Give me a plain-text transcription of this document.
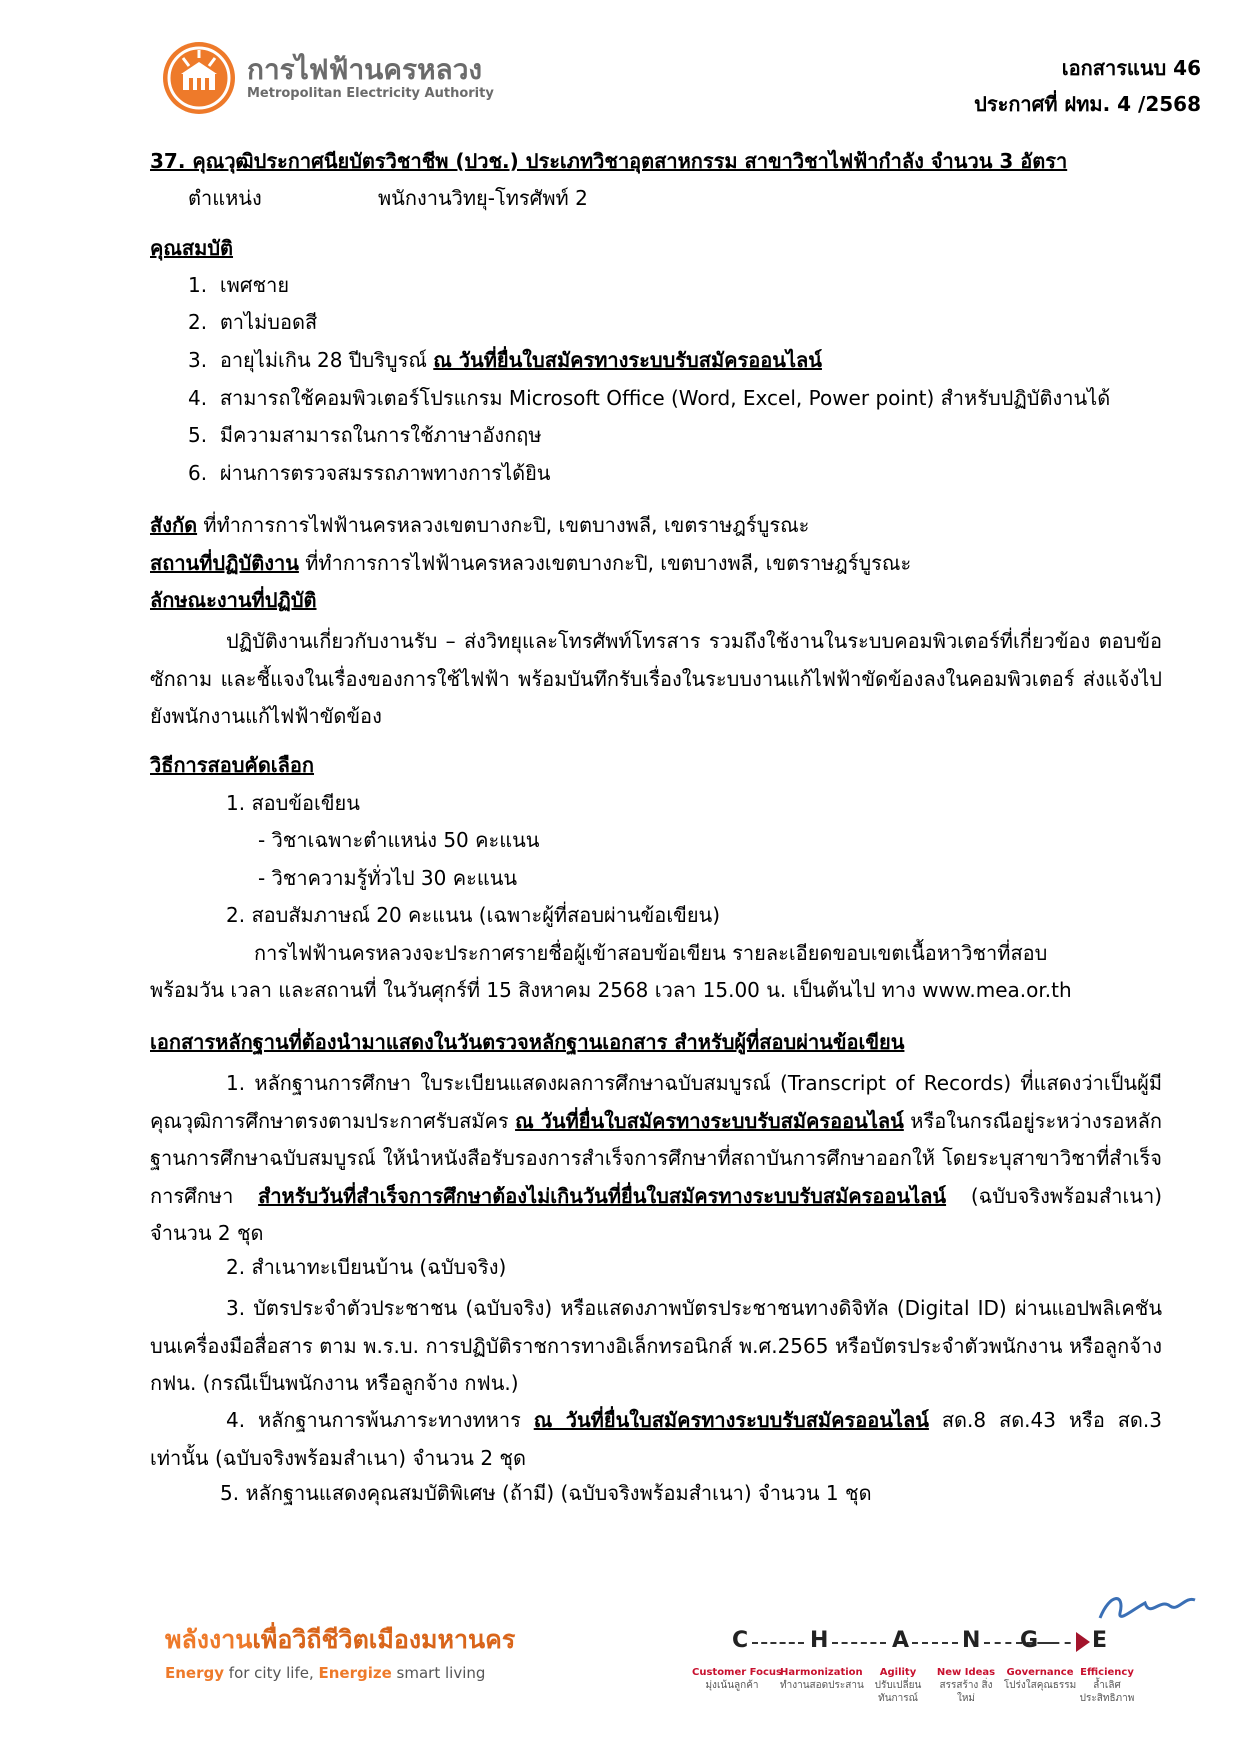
การไฟฟ้านครหลวง
Metropolitan Electricity Authority
เอกสารแนบ 46
ประกาศที่ ฝทม. 4 /2568
37. คุณวุฒิประกาศนียบัตรวิชาชีพ (ปวช.) ประเภทวิชาอุตสาหกรรม สาขาวิชาไฟฟ้ากำลัง จำนวน 3 อัตรา
ตำแหน่ง	พนักงานวิทยุ-โทรศัพท์ 2
คุณสมบัติ
1. เพศชาย
2. ตาไม่บอดสี
3. อายุไม่เกิน 28 ปีบริบูรณ์ ณ วันที่ยื่นใบสมัครทางระบบรับสมัครออนไลน์
4. สามารถใช้คอมพิวเตอร์โปรแกรม Microsoft Office (Word, Excel, Power point) สำหรับปฏิบัติงานได้
5. มีความสามารถในการใช้ภาษาอังกฤษ
6. ผ่านการตรวจสมรรถภาพทางการได้ยิน
สังกัด ที่ทำการการไฟฟ้านครหลวงเขตบางกะปิ, เขตบางพลี, เขตราษฎร์บูรณะ
สถานที่ปฏิบัติงาน ที่ทำการการไฟฟ้านครหลวงเขตบางกะปิ, เขตบางพลี, เขตราษฎร์บูรณะ
ลักษณะงานที่ปฏิบัติ
ปฏิบัติงานเกี่ยวกับงานรับ – ส่งวิทยุและโทรศัพท์โทรสาร รวมถึงใช้งานในระบบคอมพิวเตอร์ที่เกี่ยวข้อง ตอบข้อซักถาม และชี้แจงในเรื่องของการใช้ไฟฟ้า พร้อมบันทึกรับเรื่องในระบบงานแก้ไฟฟ้าขัดข้องลงในคอมพิวเตอร์ ส่งแจ้งไปยังพนักงานแก้ไฟฟ้าขัดข้อง
วิธีการสอบคัดเลือก
1. สอบข้อเขียน
- วิชาเฉพาะตำแหน่ง 50 คะแนน
- วิชาความรู้ทั่วไป 30 คะแนน
2. สอบสัมภาษณ์ 20 คะแนน (เฉพาะผู้ที่สอบผ่านข้อเขียน)
การไฟฟ้านครหลวงจะประกาศรายชื่อผู้เข้าสอบข้อเขียน รายละเอียดขอบเขตเนื้อหาวิชาที่สอบ
พร้อมวัน เวลา และสถานที่ ในวันศุกร์ที่ 15 สิงหาคม 2568 เวลา 15.00 น. เป็นต้นไป ทาง www.mea.or.th
เอกสารหลักฐานที่ต้องนำมาแสดงในวันตรวจหลักฐานเอกสาร สำหรับผู้ที่สอบผ่านข้อเขียน
1. หลักฐานการศึกษา ใบระเบียนแสดงผลการศึกษาฉบับสมบูรณ์ (Transcript of Records) ที่แสดงว่าเป็นผู้มีคุณวุฒิการศึกษาตรงตามประกาศรับสมัคร ณ วันที่ยื่นใบสมัครทางระบบรับสมัครออนไลน์ หรือในกรณีอยู่ระหว่างรอหลักฐานการศึกษาฉบับสมบูรณ์ ให้นำหนังสือรับรองการสำเร็จการศึกษาที่สถาบันการศึกษาออกให้ โดยระบุสาขาวิชาที่สำเร็จการศึกษา สำหรับวันที่สำเร็จการศึกษาต้องไม่เกินวันที่ยื่นใบสมัครทางระบบรับสมัครออนไลน์ (ฉบับจริงพร้อมสำเนา) จำนวน 2 ชุด
2. สำเนาทะเบียนบ้าน (ฉบับจริง)
3. บัตรประจำตัวประชาชน (ฉบับจริง) หรือแสดงภาพบัตรประชาชนทางดิจิทัล (Digital ID) ผ่านแอปพลิเคชันบนเครื่องมือสื่อสาร ตาม พ.ร.บ. การปฏิบัติราชการทางอิเล็กทรอนิกส์ พ.ศ.2565 หรือบัตรประจำตัวพนักงาน หรือลูกจ้าง กฟน. (กรณีเป็นพนักงาน หรือลูกจ้าง กฟน.)
4. หลักฐานการพ้นภาระทางทหาร ณ วันที่ยื่นใบสมัครทางระบบรับสมัครออนไลน์ สด.8 สด.43 หรือ สด.3 เท่านั้น (ฉบับจริงพร้อมสำเนา) จำนวน 2 ชุด
5. หลักฐานแสดงคุณสมบัติพิเศษ (ถ้ามี) (ฉบับจริงพร้อมสำเนา) จำนวน 1 ชุด
พลังงานเพื่อวิถีชีวิตเมืองมหานคร
Energy for city life, Energize smart living
C	H	A N G E
Customer Focus
มุ่งเน้นลูกค้า
Harmonization
ทำงานสอดประสาน
Agility
ปรับเปลี่ยน ทันการณ์
New Ideas
สรรสร้าง สิ่งใหม่
Governance
โปร่งใสคุณธรรม
Efficiency
ล้ำเลิศ ประสิทธิภาพ
